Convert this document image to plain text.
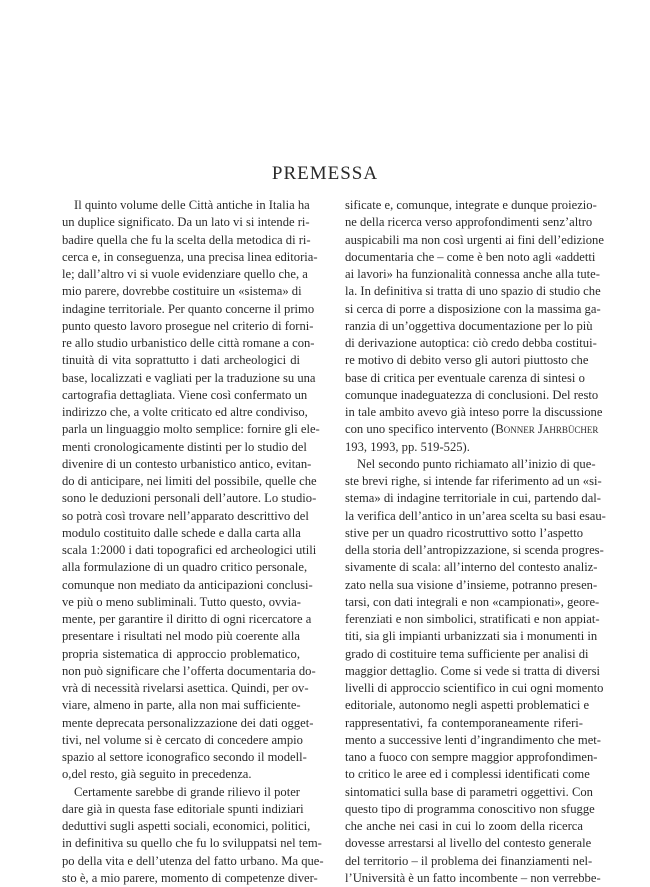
PREMESSA
Il quinto volume delle Città antiche in Italia ha
un duplice significato. Da un lato vi si intende ri-
badire quella che fu la scelta della metodica di ri-
cerca e, in conseguenza, una precisa linea editoria-
le; dall’altro vi si vuole evidenziare quello che, a
mio parere, dovrebbe costituire un «sistema» di
indagine territoriale. Per quanto concerne il primo
punto questo lavoro prosegue nel criterio di forni-
re allo studio urbanistico delle città romane a con-
tinuità di vita soprattutto i dati archeologici di
base, localizzati e vagliati per la traduzione su una
cartografia dettagliata. Viene così confermato un
indirizzo che, a volte criticato ed altre condiviso,
parla un linguaggio molto semplice: fornire gli ele-
menti cronologicamente distinti per lo studio del
divenire di un contesto urbanistico antico, evitan-
do di anticipare, nei limiti del possibile, quelle che
sono le deduzioni personali dell’autore. Lo studio-
so potrà così trovare nell’apparato descrittivo del
modulo costituito dalle schede e dalla carta alla
scala 1:2000 i dati topografici ed archeologici utili
alla formulazione di un quadro critico personale,
comunque non mediato da anticipazioni conclusi-
ve più o meno subliminali. Tutto questo, ovvia-
mente, per garantire il diritto di ogni ricercatore a
presentare i risultati nel modo più coerente alla
propria sistematica di approccio problematico,
non può significare che l’offerta documentaria do-
vrà di necessità rivelarsi asettica. Quindi, per ov-
viare, almeno in parte, alla non mai sufficiente-
mente deprecata personalizzazione dei dati ogget-
tivi, nel volume si è cercato di concedere ampio
spazio al settore iconografico secondo il modell-
o,del resto, già seguito in precedenza.
Certamente sarebbe di grande rilievo il poter
dare già in questa fase editoriale spunti indiziari
deduttivi sugli aspetti sociali, economici, politici,
in definitiva su quello che fu lo sviluppatsi nel tem-
po della vita e dell’utenza del fatto urbano. Ma que-
sto è, a mio parere, momento di competenze diver-
sificate e, comunque, integrate e dunque proiezio-
ne della ricerca verso approfondimenti senz’altro
auspicabili ma non così urgenti ai fini dell’edizione
documentaria che – come è ben noto agli «addetti
ai lavori» ha funzionalità connessa anche alla tute-
la. In definitiva si tratta di uno spazio di studio che
si cerca di porre a disposizione con la massima ga-
ranzia di un’oggettiva documentazione per lo più
di derivazione autoptica: ciò credo debba costitui-
re motivo di debito verso gli autori piuttosto che
base di critica per eventuale carenza di sintesi o
comunque inadeguatezza di conclusioni. Del resto
in tale ambito avevo già inteso porre la discussione
con uno specifico intervento (Bonner Jahrbücher
193, 1993, pp. 519-525).
Nel secondo punto richiamato all’inizio di que-
ste brevi righe, si intende far riferimento ad un «si-
stema» di indagine territoriale in cui, partendo dal-
la verifica dell’antico in un’area scelta su basi esau-
stive per un quadro ricostruttivo sotto l’aspetto
della storia dell’antropizzazione, si scenda progres-
sivamente di scala: all’interno del contesto analiz-
zato nella sua visione d’insieme, potranno presen-
tarsi, con dati integrali e non «campionati», georе-
ferenziati e non simbolici, stratificati e non appiat-
titi, sia gli impianti urbanizzati sia i monumenti in
grado di costituire tema sufficiente per analisi di
maggior dettaglio. Come si vede si tratta di diversi
livelli di approccio scientifico in cui ogni momento
editoriale, autonomo negli aspetti problematici e
rappresentativi, fa contemporaneamente riferi-
mento a successive lenti d’ingrandimento che met-
tano a fuoco con sempre maggior approfondimen-
to critico le aree ed i complessi identificati come
sintomatici sulla base di parametri oggettivi. Con
questo tipo di programma conoscitivo non sfugge
che anche nei casi in cui lo zoom della ricerca
dovesse arrestarsi al livello del contesto generale
del territorio – il problema dei finanziamenti nel-
l’Università è un fatto incombente – non verrebbe-
